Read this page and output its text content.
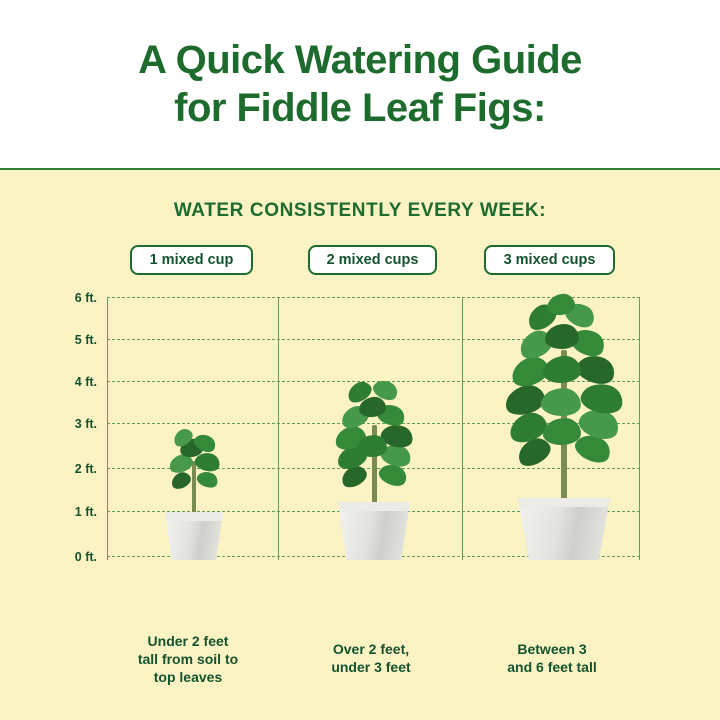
A Quick Watering Guide
for Fiddle Leaf Figs:
WATER CONSISTENTLY EVERY WEEK:
1 mixed cup	2 mixed cups	3 mixed cups
6 ft.
5 ft.
4 ft.
3 ft.
2 ft.
1 ft.
0 ft.
Under 2 feet
tall from soil to
top leaves
Over 2 feet,
under 3 feet
Between 3
and 6 feet tall
